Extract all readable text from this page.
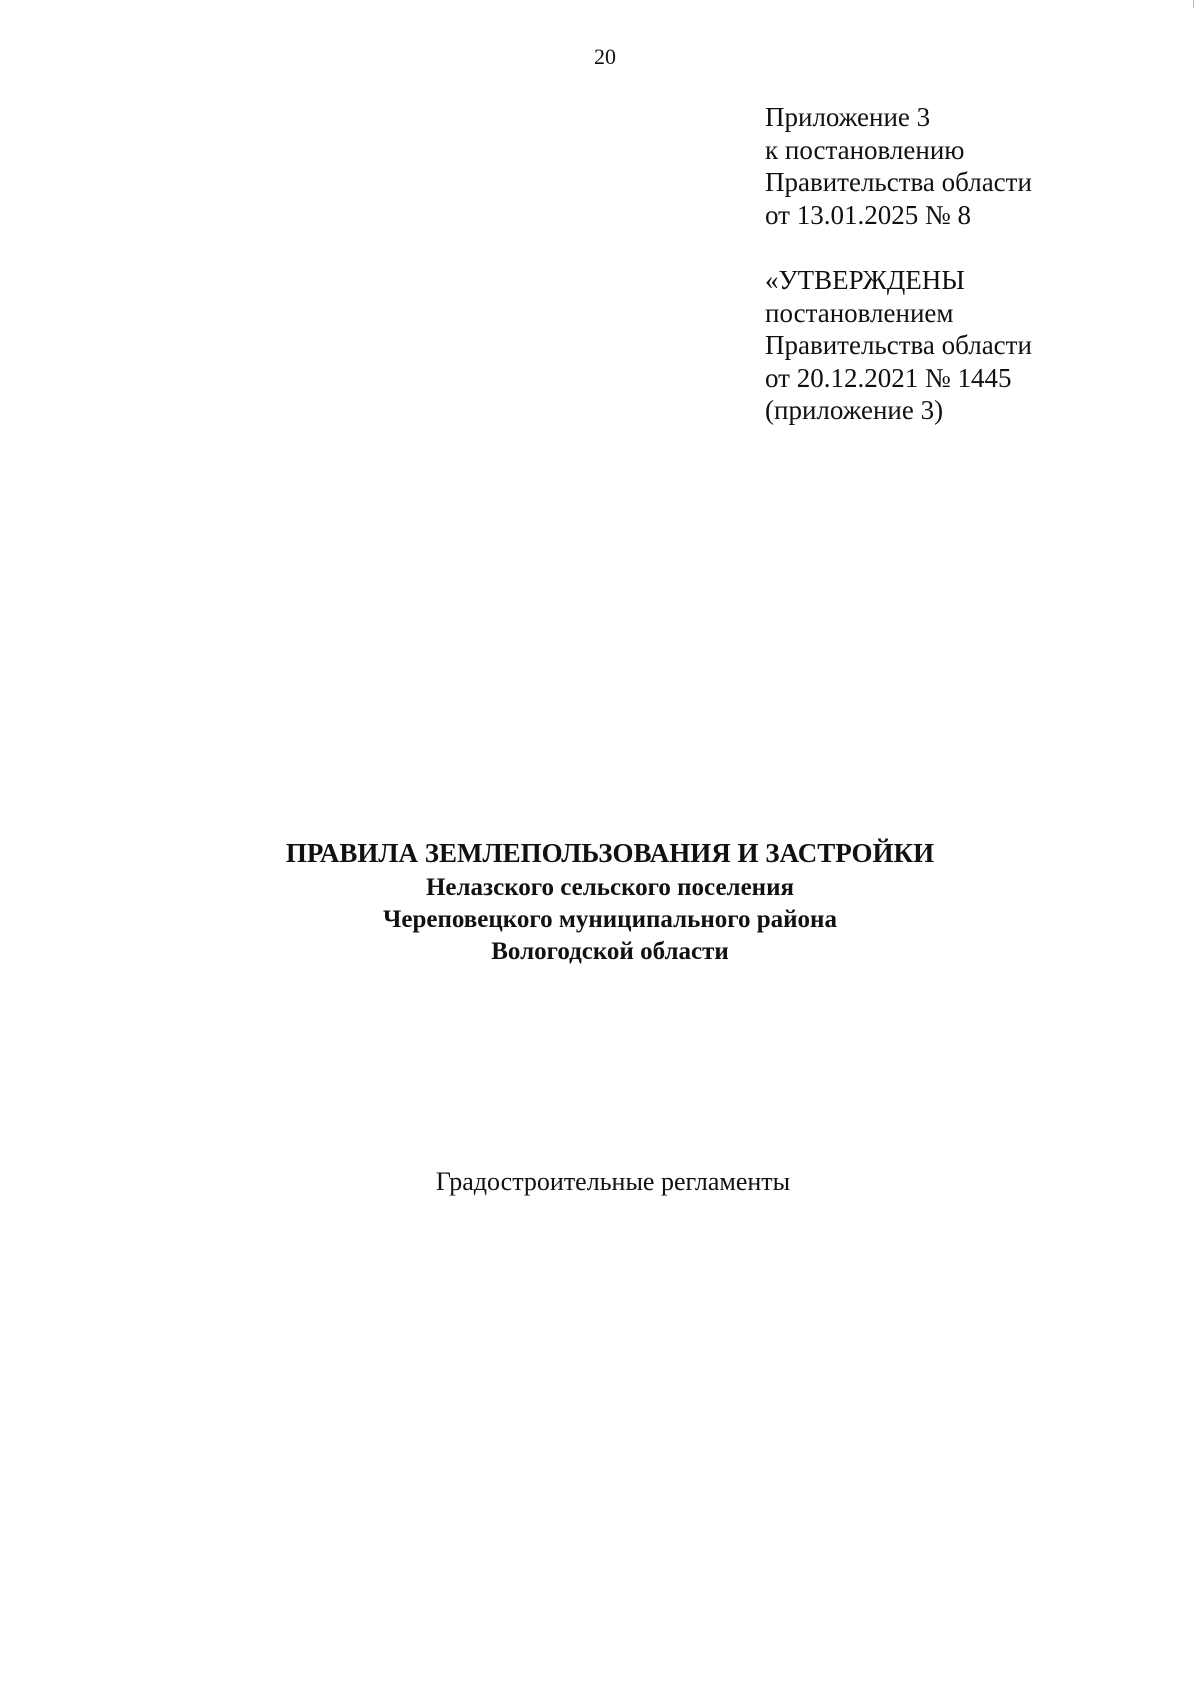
20
Приложение 3
к постановлению
Правительства области
от 13.01.2025 № 8
«УТВЕРЖДЕНЫ
постановлением
Правительства области
от 20.12.2021 № 1445
(приложение 3)
ПРАВИЛА ЗЕМЛЕПОЛЬЗОВАНИЯ И ЗАСТРОЙКИ
Нелазского сельского поселения
Череповецкого муниципального района
Вологодской области
Градостроительные регламенты
